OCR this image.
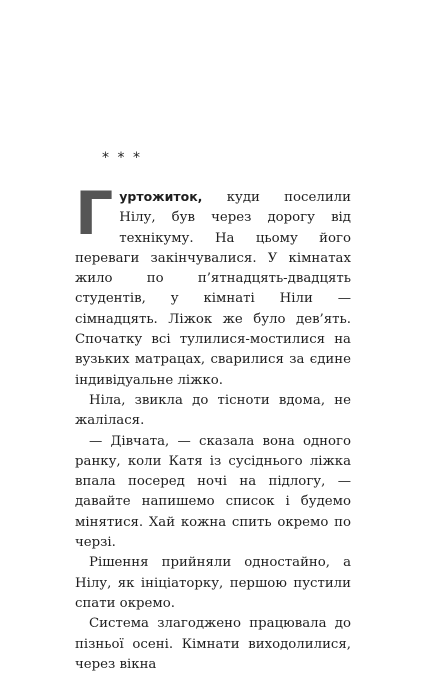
* * *

Гуртожиток, куди поселили Нілу, був через дорогу від технікуму. На цьому його переваги закінчувалися. У кімнатах жило по п’ятнадцять-двадцять студентів, у кімнаті Ніли — сімнадцять. Ліжок же було дев’ять. Спочатку всі тулилися-мостилися на вузьких матрацах, сварилися за єдине індивідуальне ліжко.

Ніла, звикла до тісноти вдома, не жалілася.

— Дівчата, — сказала вона одного ранку, коли Катя із сусіднього ліжка впала посеред ночі на підлогу, — давайте напишемо список і будемо мінятися. Хай кожна спить окремо по черзі.

Рішення прийняли одностайно, а Нілу, як ініціаторку, першою пустили спати окремо.

Система злагоджено працювала до пізньої осені. Кімнати виходолилися, через вікна
